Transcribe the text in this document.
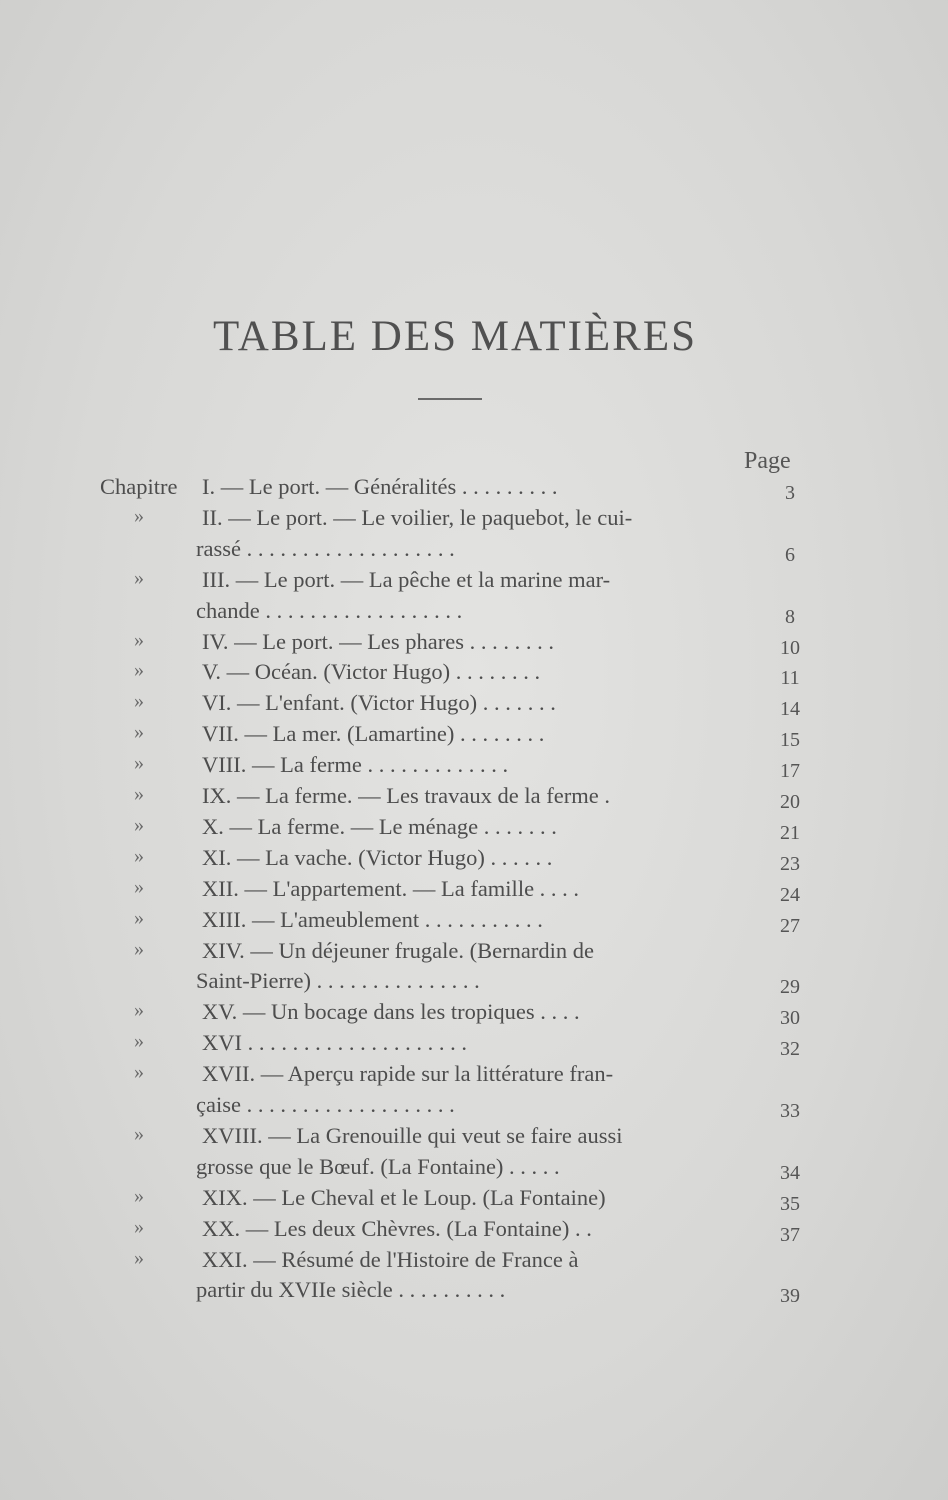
TABLE DES MATIÈRES
Page
Chapitre I. — Le port. — Généralités . . . . . . . . .	3
»	II. — Le port. — Le voilier, le paquebot, le cui-
rassé . . . . . . . . . . . . . . . . . . .	6
»	III. — Le port. — La pêche et la marine mar-
chande . . . . . . . . . . . . . . . . . .	8
»	IV. — Le port. — Les phares . . . . . . . .	10
»	V. — Océan. (Victor Hugo) . . . . . . . .	11
»	VI. — L'enfant. (Victor Hugo) . . . . . . .	14
»	VII. — La mer. (Lamartine) . . . . . . . .	15
»	VIII. — La ferme . . . . . . . . . . . . .	17
»	IX. — La ferme. — Les travaux de la ferme .	20
»	X. — La ferme. — Le ménage . . . . . . .	21
»	XI. — La vache. (Victor Hugo) . . . . . .	23
»	XII. — L'appartement. — La famille . . . .	24
»	XIII. — L'ameublement . . . . . . . . . . .	27
»	XIV. — Un déjeuner frugale. (Bernardin de
Saint-Pierre) . . . . . . . . . . . . . . .	29
»	XV. — Un bocage dans les tropiques . . . .	30
»	XVI . . . . . . . . . . . . . . . . . . . .	32
»	XVII. — Aperçu rapide sur la littérature fran-
çaise . . . . . . . . . . . . . . . . . . .	33
»	XVIII. — La Grenouille qui veut se faire aussi
grosse que le Bœuf. (La Fontaine) . . . . .	34
»	XIX. — Le Cheval et le Loup. (La Fontaine)	35
»	XX. — Les deux Chèvres. (La Fontaine) . .	37
»	XXI. — Résumé de l'Histoire de France à
partir du XVIIe siècle . . . . . . . . . .	39
